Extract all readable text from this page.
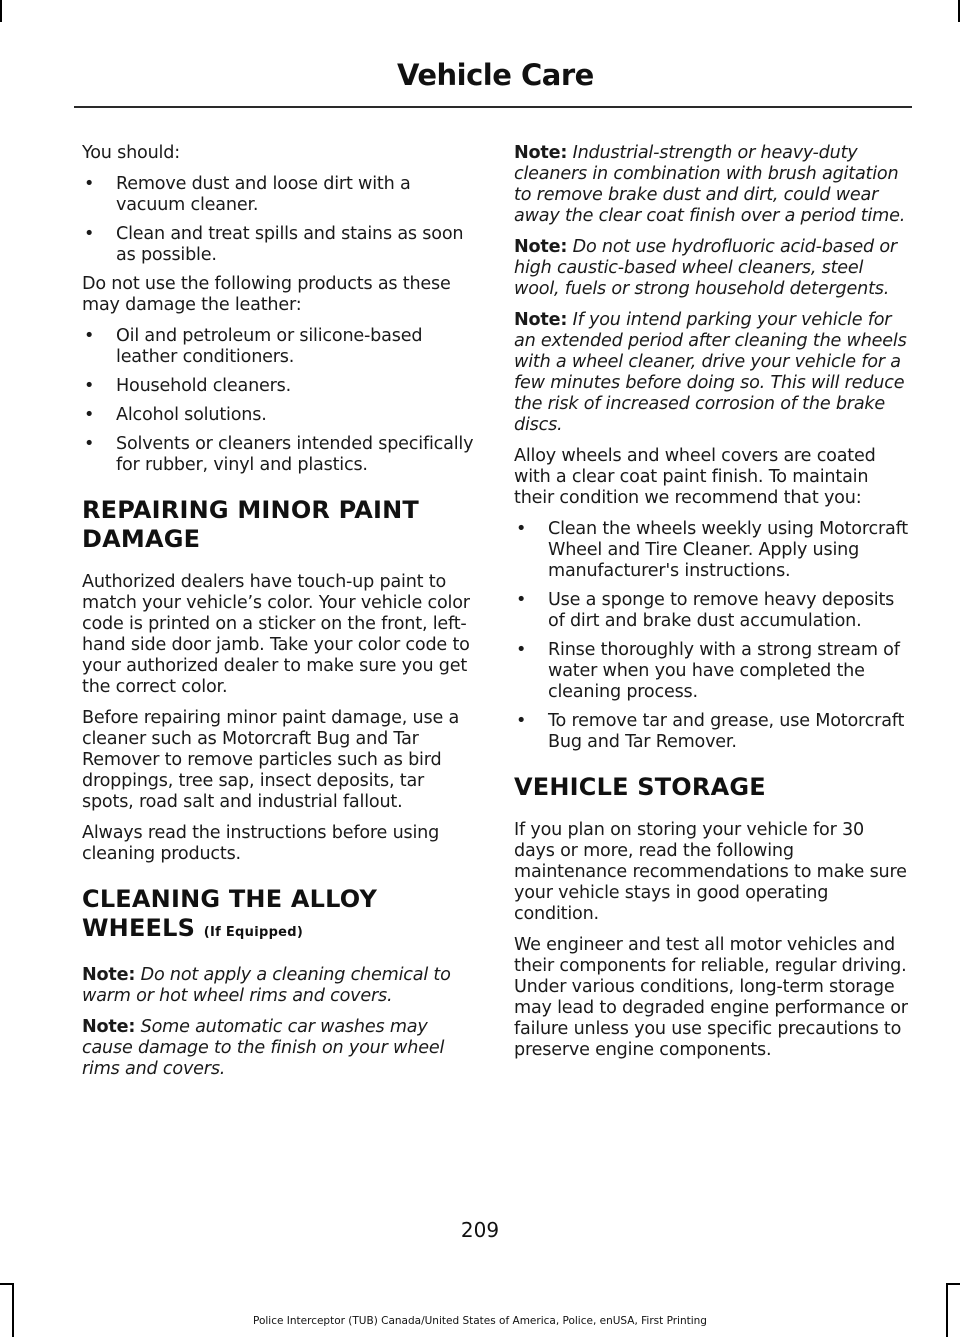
Vehicle Care

You should:

• Remove dust and loose dirt with a vacuum cleaner.
• Clean and treat spills and stains as soon as possible.

Do not use the following products as these may damage the leather:

• Oil and petroleum or silicone-based leather conditioners.
• Household cleaners.
• Alcohol solutions.
• Solvents or cleaners intended specifically for rubber, vinyl and plastics.
REPAIRING MINOR PAINT DAMAGE

Authorized dealers have touch-up paint to match your vehicle’s color. Your vehicle color code is printed on a sticker on the front, left-hand side door jamb. Take your color code to your authorized dealer to make sure you get the correct color.

Before repairing minor paint damage, use a cleaner such as Motorcraft Bug and Tar Remover to remove particles such as bird droppings, tree sap, insect deposits, tar spots, road salt and industrial fallout.

Always read the instructions before using cleaning products.

CLEANING THE ALLOY WHEELS (If Equipped)

Note: Do not apply a cleaning chemical to warm or hot wheel rims and covers.

Note: Some automatic car washes may cause damage to the finish on your wheel rims and covers.

Note: Industrial-strength or heavy-duty cleaners in combination with brush agitation to remove brake dust and dirt, could wear away the clear coat finish over a period time.

Note: Do not use hydrofluoric acid-based or high caustic-based wheel cleaners, steel wool, fuels or strong household detergents.

Note: If you intend parking your vehicle for an extended period after cleaning the wheels with a wheel cleaner, drive your vehicle for a few minutes before doing so. This will reduce the risk of increased corrosion of the brake discs.

Alloy wheels and wheel covers are coated with a clear coat paint finish. To maintain their condition we recommend that you:

• Clean the wheels weekly using Motorcraft Wheel and Tire Cleaner. Apply using manufacturer's instructions.
• Use a sponge to remove heavy deposits of dirt and brake dust accumulation.
• Rinse thoroughly with a strong stream of water when you have completed the cleaning process.
• To remove tar and grease, use Motorcraft Bug and Tar Remover.
VEHICLE STORAGE

If you plan on storing your vehicle for 30 days or more, read the following maintenance recommendations to make sure your vehicle stays in good operating condition.

We engineer and test all motor vehicles and their components for reliable, regular driving. Under various conditions, long-term storage may lead to degraded engine performance or failure unless you use specific precautions to preserve engine components.

209
Police Interceptor (TUB) Canada/United States of America, Police, enUSA, First Printing
